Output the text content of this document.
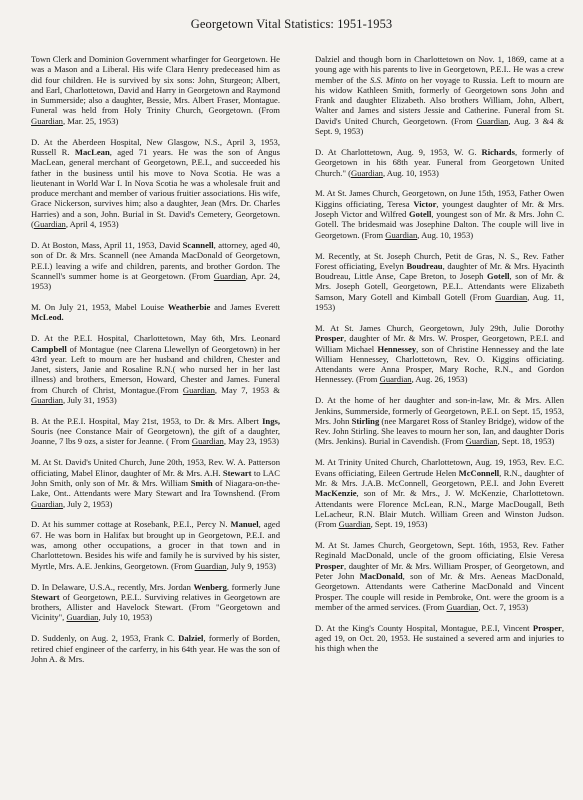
Georgetown Vital Statistics: 1951-1953

Town Clerk and Dominion Government wharfinger for Georgetown. He was a Mason and a Liberal. His wife Clara Henry predeceased him as did four children. He is survived by six sons: John, Sturgeon; Albert, and Earl, Charlottetown, David and Harry in Georgetown and Raymond in Summerside; also a daughter, Bessie, Mrs. Albert Fraser, Montague. Funeral was held from Holy Trinity Church, Georgetown. (From Guardian, Mar. 25, 1953)

D. At the Aberdeen Hospital, New Glasgow, N.S., April 3, 1953, Russell R. MacLean, aged 71 years. He was the son of Angus MacLean, general merchant of Georgetown, P.E.I., and succeeded his father in the business until his move to Nova Scotia. He was a lieutenant in World War I. In Nova Scotia he was a wholesale fruit and produce merchant and member of various fruitier associations. His wife, Grace Nickerson, survives him; also a daughter, Jean (Mrs. Dr. Charles Harries) and a son, John. Burial in St. David's Cemetery, Georgetown. (Guardian, April 4, 1953)

D. At Boston, Mass, April 11, 1953, David Scannell, attorney, aged 40, son of Dr. & Mrs. Scannell (nee Amanda MacDonald of Georgetown, P.E.I.) leaving a wife and children, parents, and brother Gordon. The Scannell's summer home is at Georgetown. (From Guardian, Apr. 24, 1953)

M. On July 21, 1953, Mabel Louise Weatherbie and James Everett McLeod.

D. At the P.E.I. Hospital, Charlottetown, May 6th, Mrs. Leonard Campbell of Montague (nee Clarena Llewellyn of Georgetown) in her 43rd year. Left to mourn are her husband and children, Chester and Janet, sisters, Janie and Rosaline R.N.( who nursed her in her last illness) and brothers, Emerson, Howard, Chester and James. Funeral from Church of Christ, Montague.(From Guardian, May 7, 1953 & Guardian, July 31, 1953)

B. At the P.E.I. Hospital, May 21st, 1953, to Dr. & Mrs. Albert Ings, Souris (nee Constance Mair of Georgetown), the gift of a daughter, Joanne, 7 lbs 9 ozs, a sister for Jeanne. ( From Guardian, May 23, 1953)

M. At St. David's United Church, June 20th, 1953, Rev. W. A. Patterson officiating, Mabel Elinor, daughter of Mr. & Mrs. A.H. Stewart to LAC John Smith, only son of Mr. & Mrs. William Smith of Niagara-on-the-Lake, Ont.. Attendants were Mary Stewart and Ira Townshend. (From Guardian, July 2, 1953)

D. At his summer cottage at Rosebank, P.E.I., Percy N. Manuel, aged 67. He was born in Halifax but brought up in Georgetown, P.E.I. and was, among other occupations, a grocer in that town and in Charlottetown. Besides his wife and family he is survived by his sister, Myrtle, Mrs. A.E. Jenkins, Georgetown. (From Guardian, July 9, 1953)

D. In Delaware, U.S.A., recently, Mrs. Jordan Wenberg, formerly June Stewart of Georgetown, P.E.I.. Surviving relatives in Georgetown are brothers, Allister and Havelock Stewart. (From "Georgetown and Vicinity", Guardian, July 10, 1953)

D. Suddenly, on Aug. 2, 1953, Frank C. Dalziel, formerly of Borden, retired chief engineer of the carferry, in his 64th year. He was the son of John A. & Mrs.

Dalziel and though born in Charlottetown on Nov. 1, 1869, came at a young age with his parents to live in Georgetown, P.E.I.. He was a crew member of the S.S. Minto on her voyage to Russia. Left to mourn are his widow Kathleen Smith, formerly of Georgetown sons John and Frank and daughter Elizabeth. Also brothers William, John, Albert, Walter and James and sisters Jessie and Catherine. Funeral from St. David's United Church, Georgetown. (From Guardian, Aug. 3 &4 & Sept. 9, 1953)

D. At Charlottetown, Aug. 9, 1953, W. G. Richards, formerly of Georgetown in his 68th year. Funeral from Georgetown United Church." (Guardian, Aug. 10, 1953)

M. At St. James Church, Georgetown, on June 15th, 1953, Father Owen Kiggins officiating, Teresa Victor, youngest daughter of Mr. & Mrs. Joseph Victor and Wilfred Gotell, youngest son of Mr. & Mrs. John C. Gotell. The bridesmaid was Josephine Dalton. The couple will live in Georgetown. (From Guardian, Aug. 10, 1953)

M. Recently, at St. Joseph Church, Petit de Gras, N. S., Rev. Father Forest officiating, Evelyn Boudreau, daughter of Mr. & Mrs. Hyacinth Boudreau, Little Anse, Cape Breton, to Joseph Gotell, son of Mr. & Mrs. Joseph Gotell, Georgetown, P.E.I.. Attendants were Elizabeth Samson, Mary Gotell and Kimball Gotell (From Guardian, Aug. 11, 1953)

M. At St. James Church, Georgetown, July 29th, Julie Dorothy Prosper, daughter of Mr. & Mrs. W. Prosper, Georgetown, P.E.I. and William Michael Hennessey, son of Christine Hennessey and the late William Hennessey, Charlottetown, Rev. O. Kiggins officiating. Attendants were Anna Prosper, Mary Roche, R.N., and Gordon Hennessey. (From Guardian, Aug. 26, 1953)

D. At the home of her daughter and son-in-law, Mr. & Mrs. Allen Jenkins, Summerside, formerly of Georgetown, P.E.I. on Sept. 15, 1953, Mrs. John Stirling (nee Margaret Ross of Stanley Bridge), widow of the Rev. John Stirling. She leaves to mourn her son, Ian, and daughter Doris (Mrs. Jenkins). Burial in Cavendish. (From Guardian, Sept. 18, 1953)

M. At Trinity United Church, Charlottetown, Aug. 19, 1953, Rev. E.C. Evans officiating, Eileen Gertrude Helen McConnell, R.N., daughter of Mr. & Mrs. J.A.B. McConnell, Georgetown, P.E.I. and John Everett MacKenzie, son of Mr. & Mrs., J. W. McKenzie, Charlottetown. Attendants were Florence McLean, R.N., Marge MacDougall, Beth LeLacheur, R.N. Blair Mutch. William Green and Winston Judson. (From Guardian, Sept. 19, 1953)

M. At St. James Church, Georgetown, Sept. 16th, 1953, Rev. Father Reginald MacDonald, uncle of the groom officiating, Elsie Veresa Prosper, daughter of Mr. & Mrs. William Prosper, of Georgetown, and Peter John MacDonald, son of Mr. & Mrs. Aeneas MacDonald, Georgetown. Attendants were Catherine MacDonald and Vincent Prosper. The couple will reside in Pembroke, Ont. were the groom is a member of the armed services. (From Guardian, Oct. 7, 1953)

D. At the King's County Hospital, Montague, P.E.I, Vincent Prosper, aged 19, on Oct. 20, 1953. He sustained a severed arm and injuries to his thigh when the
